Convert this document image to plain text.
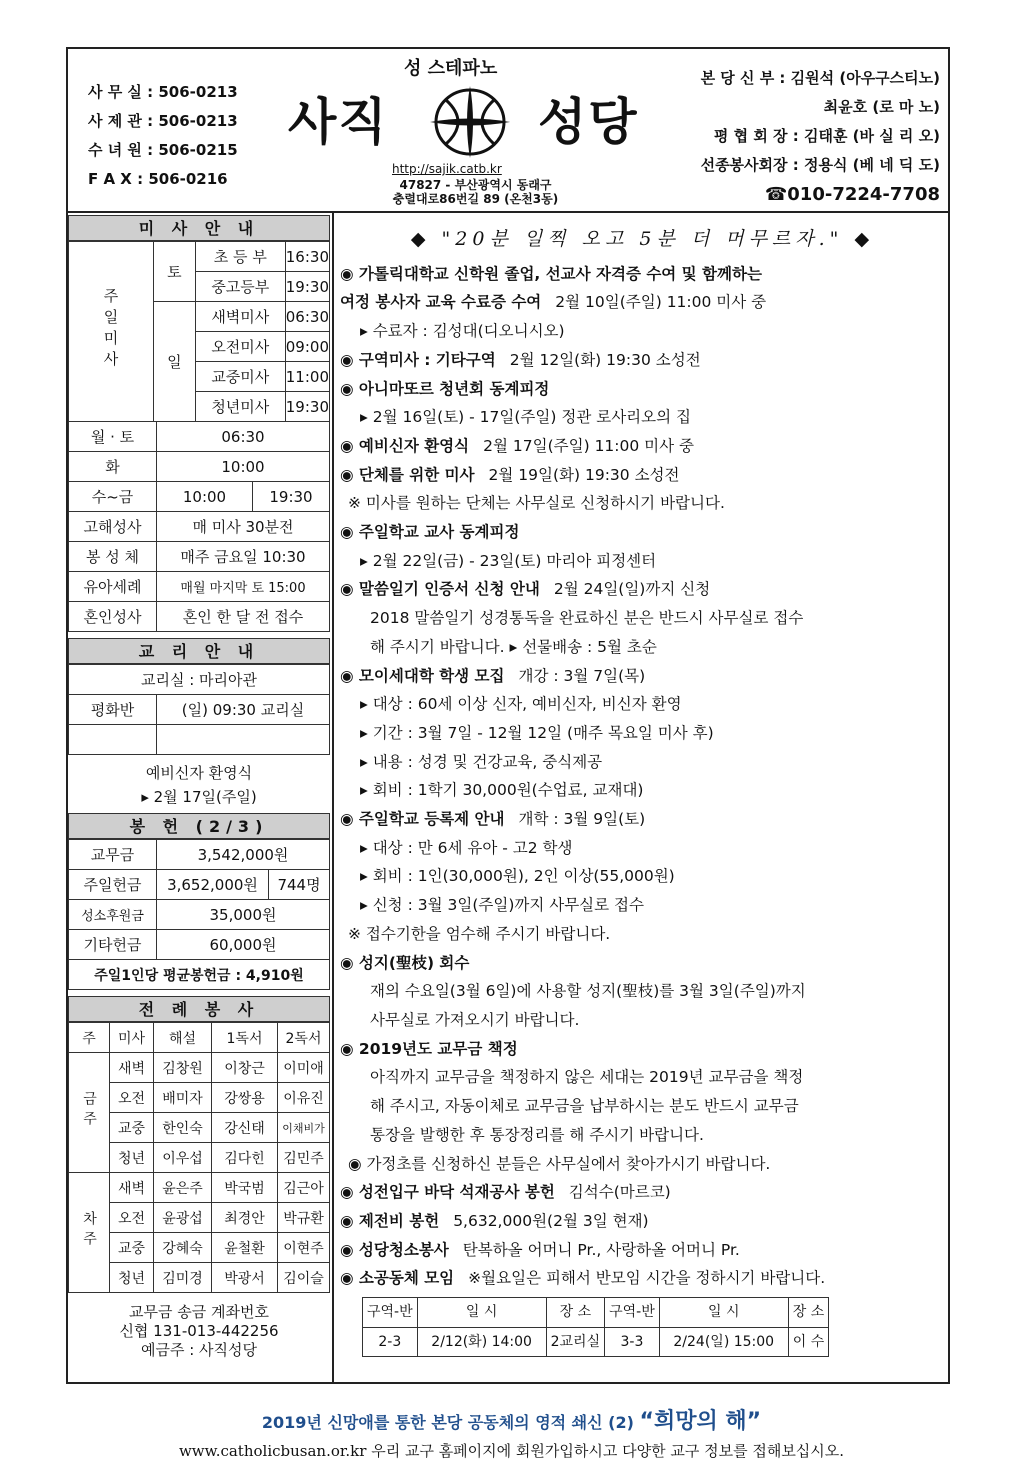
사 무 실 : 506-0213
사 제 관 : 506-0213
수 녀 원 : 506-0215
F A X : 506-0216
성 스테파노
사직	성당
http://sajik.catb.kr
47827 - 부산광역시 동래구
충렬대로86번길 89 (온천3동)
본 당 신 부 : 김원석 (아우구스티노)
최윤호 (로 마 노)
평 협 회 장 : 김태훈 (바 실 리 오)
선종봉사회장 : 정용식 (베 네 딕 도)
☎010-7224-7708
미 사 안 내
주일미사	토	초 등 부	16:30
		중고등부	19:30
	일	새벽미사	06:30
		오전미사	09:00
		교중미사	11:00
		청년미사	19:30
월 · 토	06:30	
화	10:00	
수~금	10:00	19:30
고해성사	매 미사 30분전	
봉 성 체	매주 금요일 10:30	
유아세례	매월 마지막 토 15:00	
혼인성사	혼인 한 달 전 접수	
교 리 안 내
교리실 : 마리아관	
평화반	(일) 09:30 교리실

예비신자 환영식
▸ 2월 17일(주일)
봉 헌 (2/3)
교무금	3,542,000원	
주일헌금	3,652,000원	744명
성소후원금	35,000원	
기타헌금	60,000원	
주일1인당 평균봉헌금 : 4,910원		
전 례 봉 사
주	미사	해설	1독서	2독서
금주	새벽	김창원	이창근	이미애
	오전	배미자	강쌍용	이유진
	교중	한인숙	강신태	이채비가
	청년	이우섭	김다힌	김민주
차주	새벽	윤은주	박국범	김근아
	오전	윤광섭	최경안	박규환
	교중	강혜숙	윤철환	이현주
	청년	김미경	박광서	김이슬
교무금 송금 계좌번호
신협 131-013-442256
예금주 : 사직성당
◆ "20분 일찍 오고 5분 더 머무르자." ◆
◉ 가톨릭대학교 신학원 졸업, 선교사 자격증 수여 및 함께하는
여정 봉사자 교육 수료증 수여 2월 10일(주일) 11:00 미사 중
▸ 수료자 : 김성대(디오니시오)
◉ 구역미사 : 기타구역 2월 12일(화) 19:30 소성전
◉ 아니마또르 청년회 동계피정
▸ 2월 16일(토) - 17일(주일) 정관 로사리오의 집
◉ 예비신자 환영식 2월 17일(주일) 11:00 미사 중
◉ 단체를 위한 미사 2월 19일(화) 19:30 소성전
※ 미사를 원하는 단체는 사무실로 신청하시기 바랍니다.
◉ 주일학교 교사 동계피정
▸ 2월 22일(금) - 23일(토) 마리아 피정센터
◉ 말씀일기 인증서 신청 안내 2월 24일(일)까지 신청
2018 말씀일기 성경통독을 완료하신 분은 반드시 사무실로 접수
해 주시기 바랍니다. ▸ 선물배송 : 5월 초순
◉ 모이세대학 학생 모집 개강 : 3월 7일(목)
▸ 대상 : 60세 이상 신자, 예비신자, 비신자 환영
▸ 기간 : 3월 7일 - 12월 12일 (매주 목요일 미사 후)
▸ 내용 : 성경 및 건강교육, 중식제공
▸ 회비 : 1학기 30,000원(수업료, 교재대)
◉ 주일학교 등록제 안내 개학 : 3월 9일(토)
▸ 대상 : 만 6세 유아 - 고2 학생
▸ 회비 : 1인(30,000원), 2인 이상(55,000원)
▸ 신청 : 3월 3일(주일)까지 사무실로 접수
※ 접수기한을 엄수해 주시기 바랍니다.
◉ 성지(聖枝) 회수
재의 수요일(3월 6일)에 사용할 성지(聖枝)를 3월 3일(주일)까지
사무실로 가져오시기 바랍니다.
◉ 2019년도 교무금 책정
아직까지 교무금을 책정하지 않은 세대는 2019년 교무금을 책정
해 주시고, 자동이체로 교무금을 납부하시는 분도 반드시 교무금
통장을 발행한 후 통장정리를 해 주시기 바랍니다.
◉ 가정초를 신청하신 분들은 사무실에서 찾아가시기 바랍니다.
◉ 성전입구 바닥 석재공사 봉헌 김석수(마르코)
◉ 제전비 봉헌 5,632,000원(2월 3일 현재)
◉ 성당청소봉사 탄복하올 어머니 Pr., 사랑하올 어머니 Pr.
◉ 소공동체 모임 ※월요일은 피해서 반모임 시간을 정하시기 바랍니다.
구역-반	일 시	장 소	구역-반	일 시	장 소
2-3	2/12(화) 14:00	2교리실	3-3	2/24(일) 15:00	이 수
2019년 신망애를 통한 본당 공동체의 영적 쇄신 (2) “희망의 해”
www.catholicbusan.or.kr 우리 교구 홈페이지에 회원가입하시고 다양한 교구 정보를 접해보십시오.
